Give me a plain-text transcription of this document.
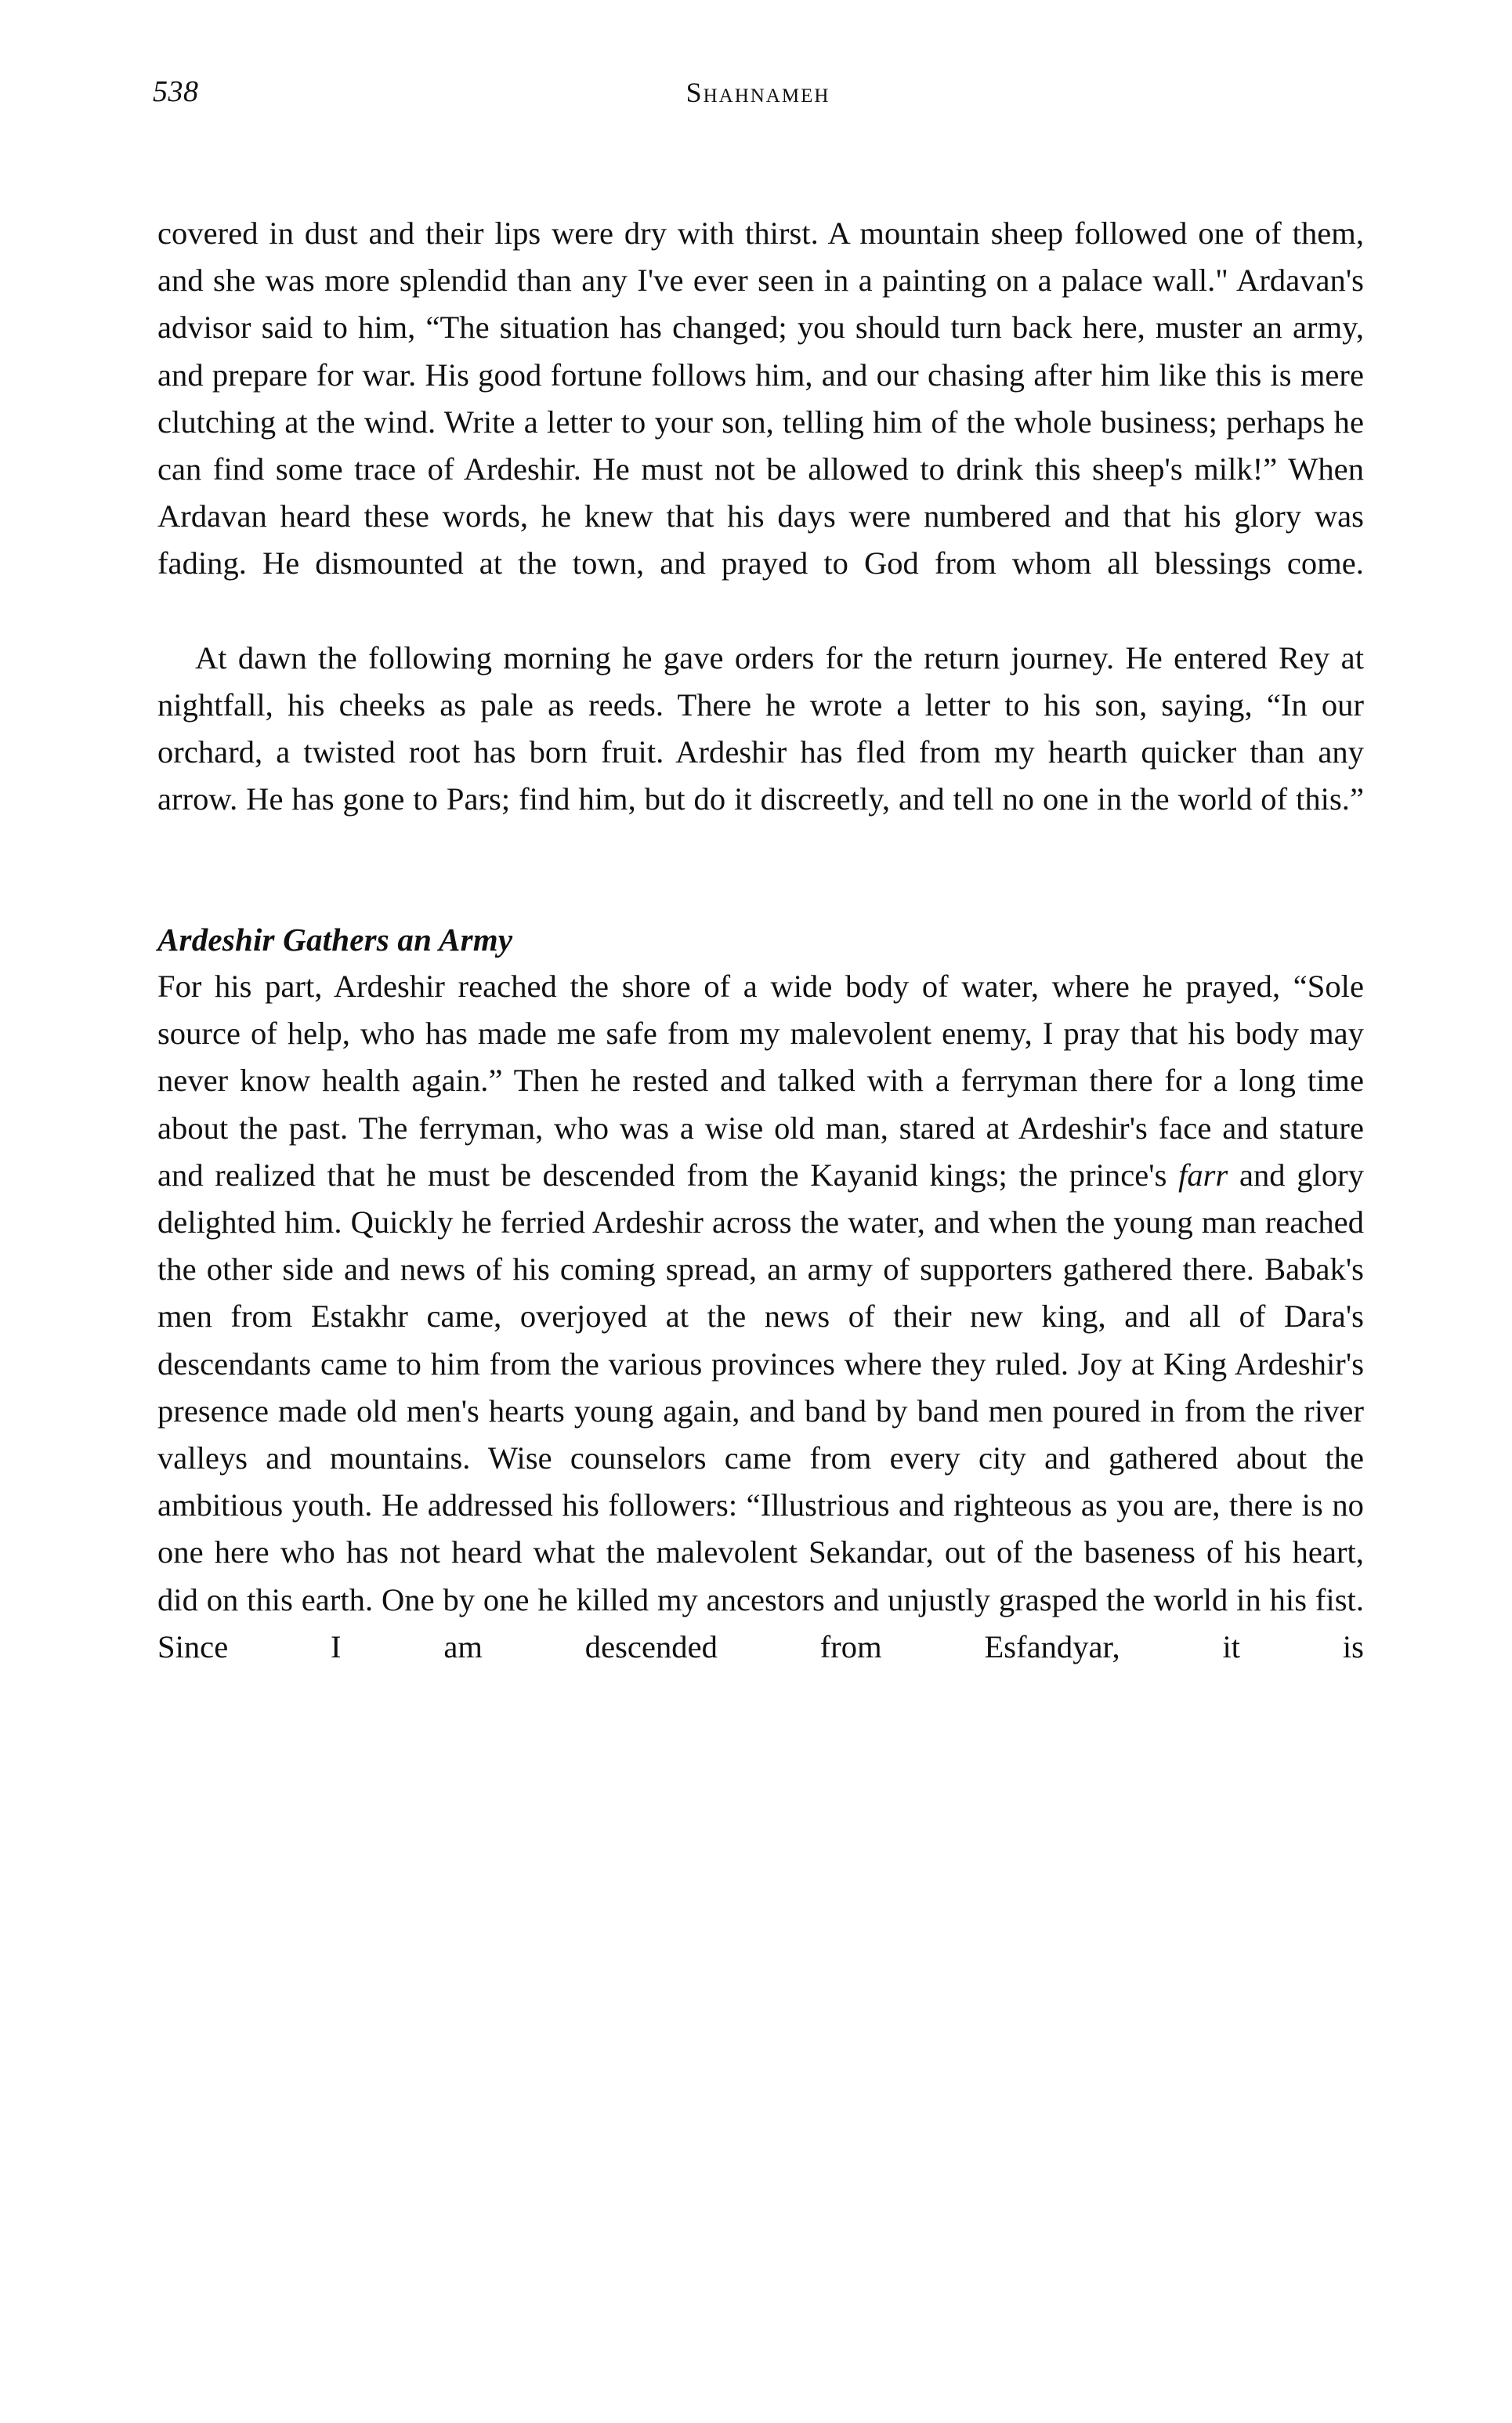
538	Shahnameh

covered in dust and their lips were dry with thirst. A mountain sheep followed one of them, and she was more splendid than any I've ever seen in a painting on a palace wall." Ardavan's advisor said to him, “The situation has changed; you should turn back here, muster an army, and prepare for war. His good fortune follows him, and our chasing after him like this is mere clutching at the wind. Write a letter to your son, telling him of the whole business; perhaps he can find some trace of Ardeshir. He must not be allowed to drink this sheep's milk!” When Ardavan heard these words, he knew that his days were numbered and that his glory was fading. He dismounted at the town, and prayed to God from whom all blessings come.

At dawn the following morning he gave orders for the return journey. He entered Rey at nightfall, his cheeks as pale as reeds. There he wrote a letter to his son, saying, “In our orchard, a twisted root has born fruit. Ardeshir has fled from my hearth quicker than any arrow. He has gone to Pars; find him, but do it discreetly, and tell no one in the world of this.”

Ardeshir Gathers an Army

For his part, Ardeshir reached the shore of a wide body of water, where he prayed, “Sole source of help, who has made me safe from my malevolent enemy, I pray that his body may never know health again.” Then he rested and talked with a ferryman there for a long time about the past. The ferryman, who was a wise old man, stared at Ardeshir's face and stature and realized that he must be descended from the Kayanid kings; the prince's farr and glory delighted him. Quickly he ferried Ardeshir across the water, and when the young man reached the other side and news of his coming spread, an army of supporters gathered there. Babak's men from Estakhr came, overjoyed at the news of their new king, and all of Dara's descendants came to him from the various provinces where they ruled. Joy at King Ardeshir's presence made old men's hearts young again, and band by band men poured in from the river valleys and mountains. Wise counselors came from every city and gathered about the ambitious youth. He addressed his followers: “Illustrious and righteous as you are, there is no one here who has not heard what the malevolent Sekandar, out of the baseness of his heart, did on this earth. One by one he killed my ancestors and unjustly grasped the world in his fist. Since I am descended from Esfandyar, it is
